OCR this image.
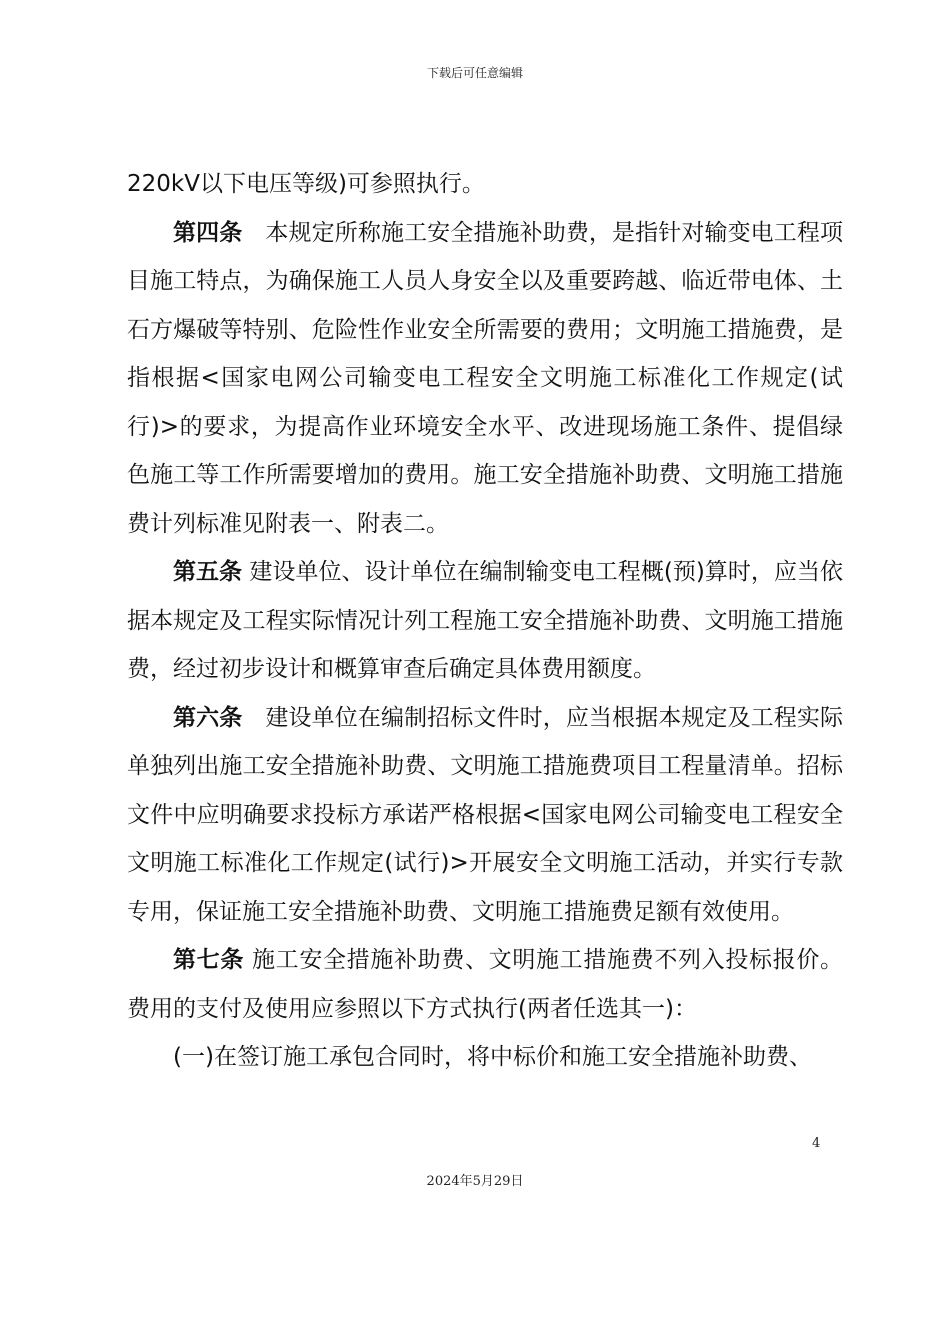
下载后可任意编辑

220kV以下电压等级)可参照执行。

第四条　本规定所称施工安全措施补助费，是指针对输变电工程项目施工特点，为确保施工人员人身安全以及重要跨越、临近带电体、土石方爆破等特别、危险性作业安全所需要的费用；文明施工措施费，是指根据<国家电网公司输变电工程安全文明施工标准化工作规定(试行)>的要求，为提高作业环境安全水平、改进现场施工条件、提倡绿色施工等工作所需要增加的费用。施工安全措施补助费、文明施工措施费计列标准见附表一、附表二。

第五条 建设单位、设计单位在编制输变电工程概(预)算时，应当依据本规定及工程实际情况计列工程施工安全措施补助费、文明施工措施费，经过初步设计和概算审查后确定具体费用额度。

第六条　建设单位在编制招标文件时，应当根据本规定及工程实际单独列出施工安全措施补助费、文明施工措施费项目工程量清单。招标文件中应明确要求投标方承诺严格根据<国家电网公司输变电工程安全文明施工标准化工作规定(试行)>开展安全文明施工活动，并实行专款专用，保证施工安全措施补助费、文明施工措施费足额有效使用。

第七条 施工安全措施补助费、文明施工措施费不列入投标报价。费用的支付及使用应参照以下方式执行(两者任选其一)：

(一)在签订施工承包合同时，将中标价和施工安全措施补助费、

4
2024年5月29日
